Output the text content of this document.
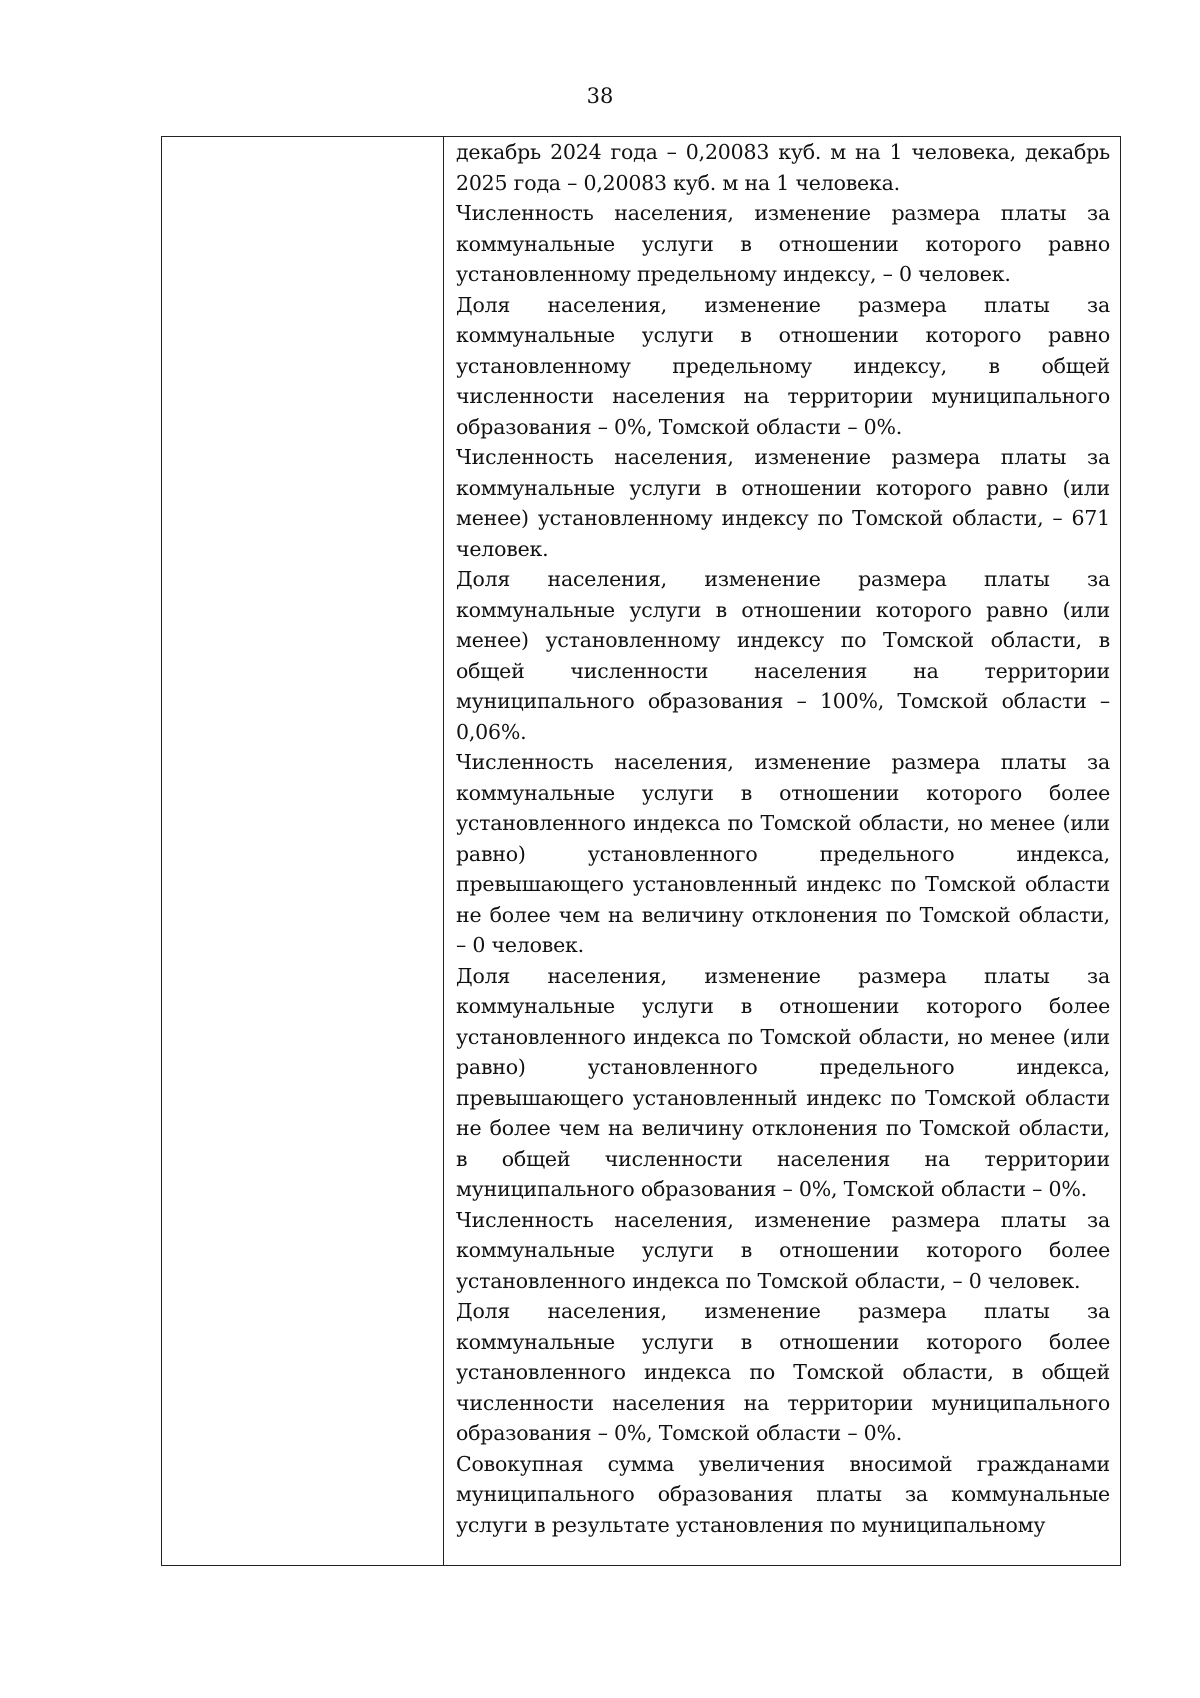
38

декабрь 2024 года – 0,20083 куб. м на 1 человека, декабрь 2025 года – 0,20083 куб. м на 1 человека.

Численность населения, изменение размера платы за коммунальные услуги в отношении которого равно установленному предельному индексу, – 0 человек.

Доля населения, изменение размера платы за коммунальные услуги в отношении которого равно установленному предельному индексу, в общей численности населения на территории муниципального образования – 0%, Томской области – 0%.

Численность населения, изменение размера платы за коммунальные услуги в отношении которого равно (или менее) установленному индексу по Томской области, – 671 человек.

Доля населения, изменение размера платы за коммунальные услуги в отношении которого равно (или менее) установленному индексу по Томской области, в общей численности населения на территории муниципального образования – 100%, Томской области – 0,06%.

Численность населения, изменение размера платы за коммунальные услуги в отношении которого более установленного индекса по Томской области, но менее (или равно) установленного предельного индекса, превышающего установленный индекс по Томской области не более чем на величину отклонения по Томской области, – 0 человек.

Доля населения, изменение размера платы за коммунальные услуги в отношении которого более установленного индекса по Томской области, но менее (или равно) установленного предельного индекса, превышающего установленный индекс по Томской области не более чем на величину отклонения по Томской области, в общей численности населения на территории муниципального образования – 0%, Томской области – 0%.

Численность населения, изменение размера платы за коммунальные услуги в отношении которого более установленного индекса по Томской области, – 0 человек.

Доля населения, изменение размера платы за коммунальные услуги в отношении которого более установленного индекса по Томской области, в общей численности населения на территории муниципального образования – 0%, Томской области – 0%.

Совокупная сумма увеличения вносимой гражданами муниципального образования платы за коммунальные услуги в результате установления по муниципальному
